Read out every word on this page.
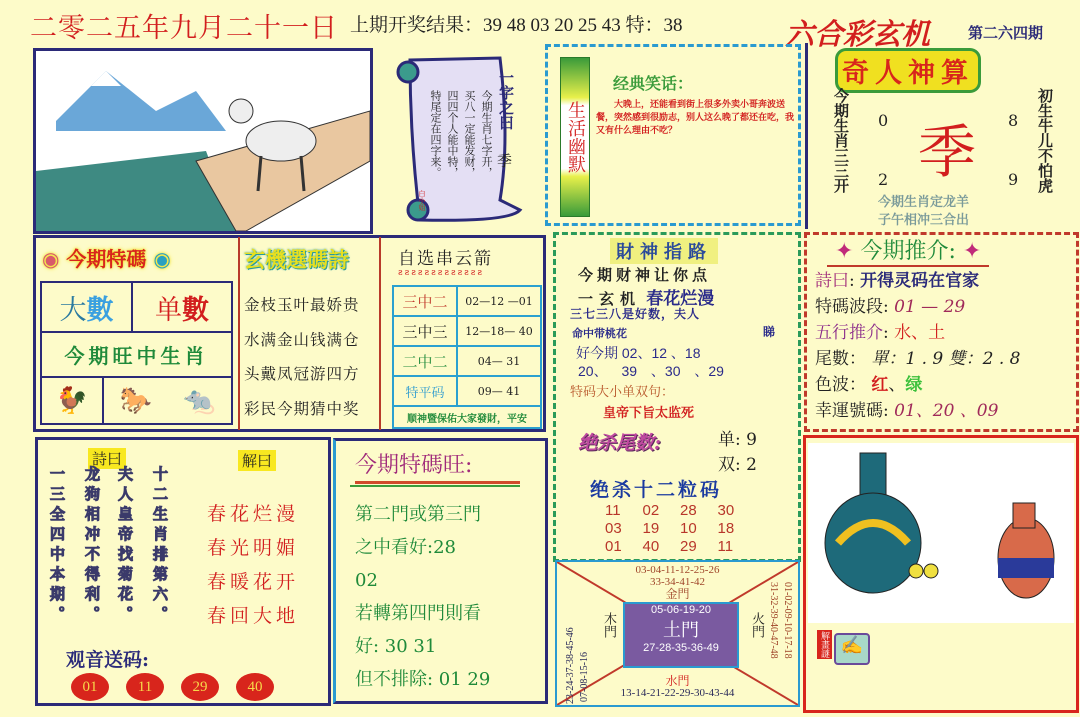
二零二五年九月二十一日 上期开奖结果：39 48 03 20 25 43 特：38	六合彩玄机	第二六四期
一字之曰
季
今期生肖七字开，
买八一定能发财，
四四个人能中特，
特尾定在四字来。
白小姐
生活幽默
经典笑话：
大晚上，还能看到街上很多外卖小哥奔波送餐，突然感到很励志，别人这么晚了都还在吃，我又有什么理由不吃？
奇人神算
今期生肖三三开	初生牛儿不怕虎
0	8
2	9
季
今期生肖定龙羊
子午相冲三合出
◉ 今期特碼 ◉
大 數 单 數
今期旺中生肖
🐓	🐎 🐀
玄機選碼詩
金枝玉叶最娇贵
水满金山钱满仓
头戴凤冠游四方
彩民今期猜中奖
自选串云箭
ƨƨƨƨƨƨƨƨƨƨƨƨƨ
三中二	02—12 —01
三中三	12—18— 40
二中二	04— 31
特平码	09— 41
顺神暨保佑大家發財，平安	
財神指路
今期财神让你点
一玄机 春花烂漫
三七三八是好数，夫人
命中带桃花	睇
好今期 02、12 、18
20、 39 、30 、29
特码大小单双句：
皇帝下旨太监死
绝杀尾数:	单: 9
双: 2
绝杀十二粒码
11	02	28	30
03	19	10	18
01	40	29	11
✦ 今期推介: ✦
詩曰: 开得灵码在官家
特碼波段: 01 — 29
五行推介: 水、土
尾數： 單：1 . 9 雙：2 . 8
色波： 红、绿
幸運號碼: 01、20 、09
詩曰	解曰
十二生肖排第六。
夫人皇帝找菊花。
龙狗相冲不得利。
一三全四中本期。	春花烂漫
春光明媚
春暖花开
春回大地
观音送码:
01	11	29	40
今期特碼旺:
第二門或第三門
之中看好:28
02
若轉第四門則看
好: 30 31
但不排除: 01 29
05-06-19-20
土門
27-28-35-36-49
03-04-11-12-25-26
33-34-41-42
金門
木門
23-24-37-38-45-46 07-08-15-16
火門 01-02-09-10-17-18
31-32-39-40-47-48
水門
13-14-21-22-29-30-43-44
解畫謎 ✍
